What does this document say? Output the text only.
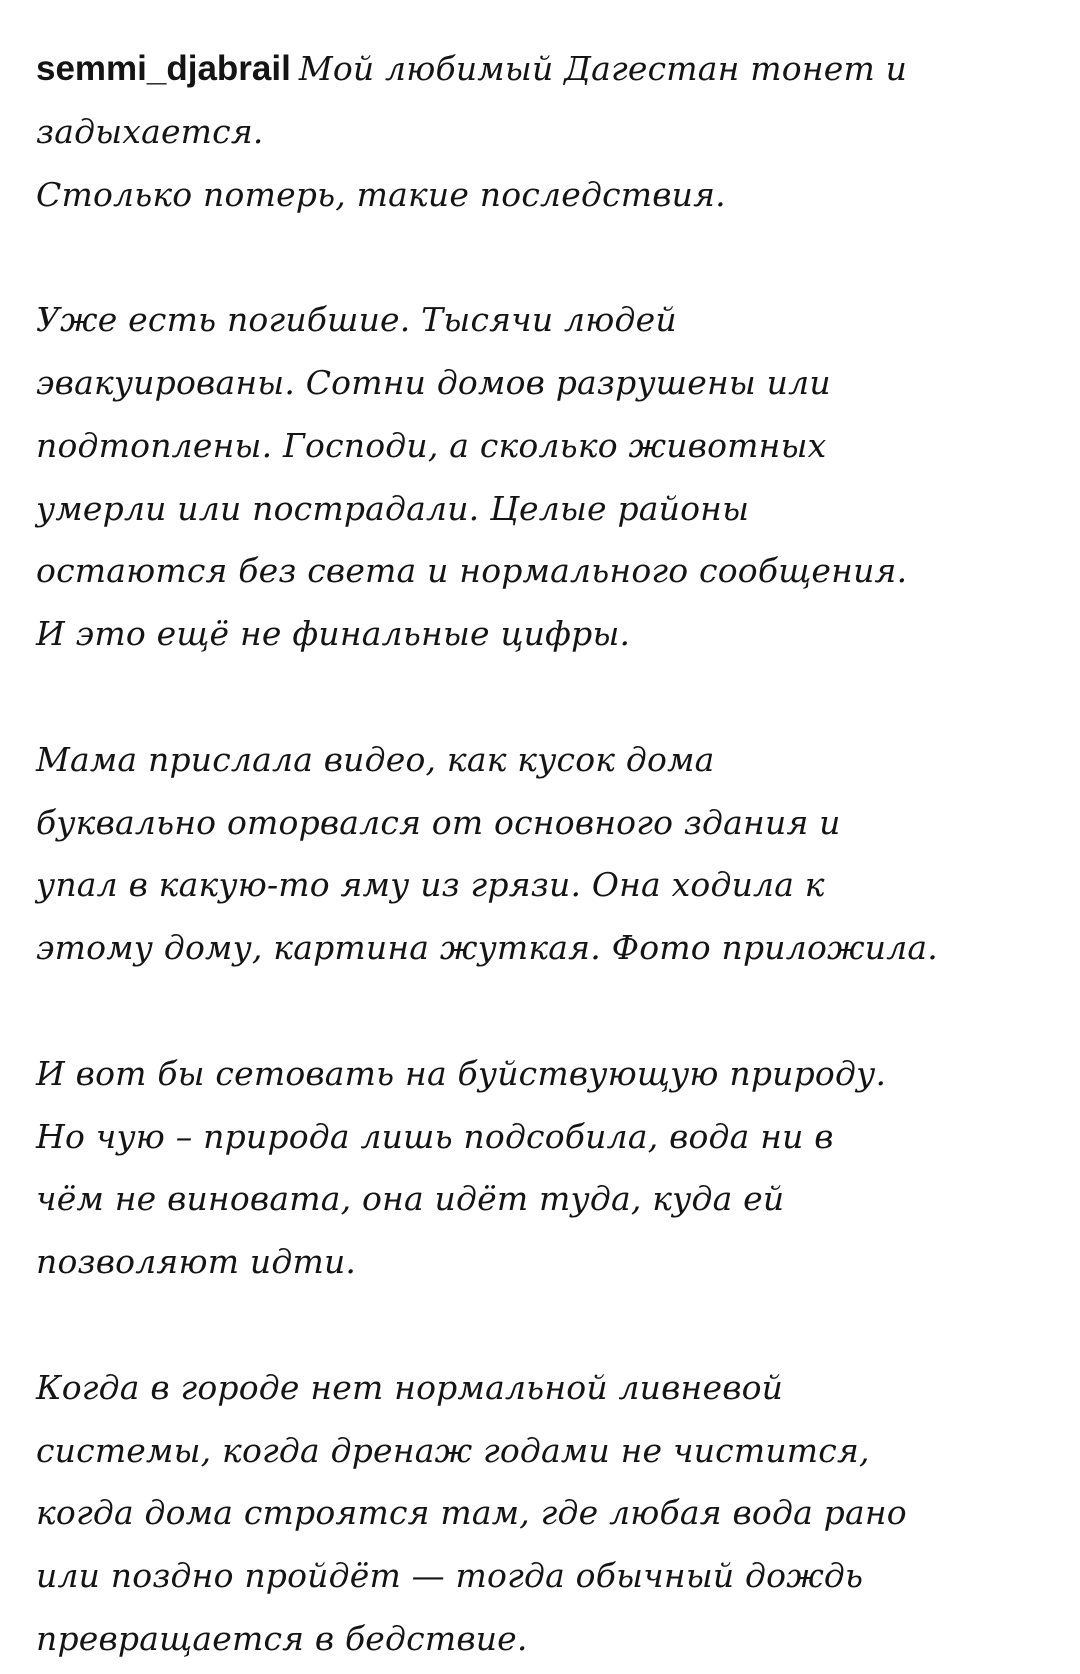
semmi_djabrail Мой любимый Дагестан тонет и
задыхается.
Столько потерь, такие последствия.
Уже есть погибшие. Тысячи людей
эвакуированы. Сотни домов разрушены или
подтоплены. Господи, а сколько животных
умерли или пострадали. Целые районы
остаются без света и нормального сообщения.
И это ещё не финальные цифры.
Мама прислала видео, как кусок дома
буквально оторвался от основного здания и
упал в какую-то яму из грязи. Она ходила к
этому дому, картина жуткая. Фото приложила.
И вот бы сетовать на буйствующую природу.
Но чую – природа лишь подсобила, вода ни в
чём не виновата, она идёт туда, куда ей
позволяют идти.
Когда в городе нет нормальной ливневой
системы, когда дренаж годами не чистится,
когда дома строятся там, где любая вода рано
или поздно пройдёт — тогда обычный дождь
превращается в бедствие.
